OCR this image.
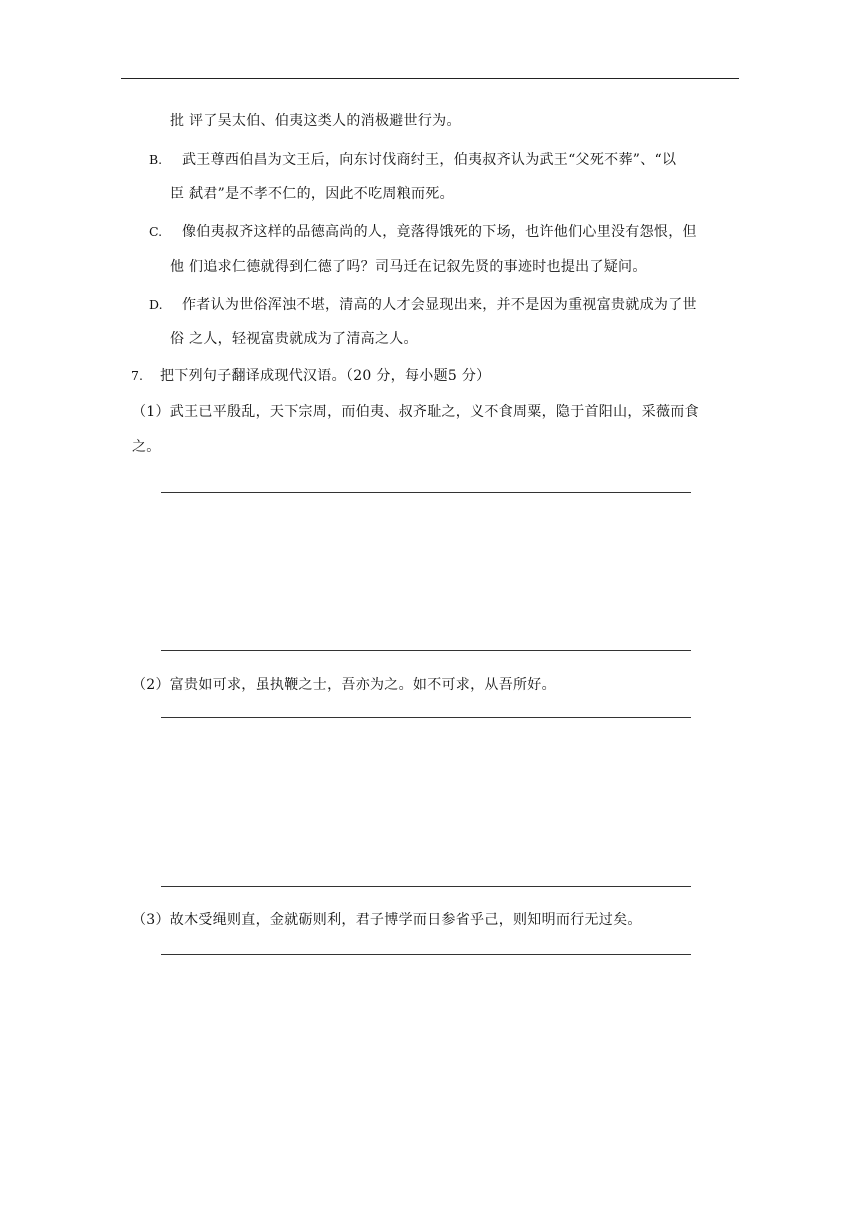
批 评了吴太伯、伯夷这类人的消极避世行为。
B. 武王尊西伯昌为文王后，向东讨伐商纣王，伯夷叔齐认为武王“父死不葬”、“以
臣 弑君”是不孝不仁的，因此不吃周粮而死。
C. 像伯夷叔齐这样的品德高尚的人，竟落得饿死的下场，也许他们心里没有怨恨，但
他 们追求仁德就得到仁德了吗？司马迁在记叙先贤的事迹时也提出了疑问。
D. 作者认为世俗浑浊不堪，清高的人才会显现出来，并不是因为重视富贵就成为了世
俗 之人，轻视富贵就成为了清高之人。
7. 把下列句子翻译成现代汉语。（20 分，每小题5 分）
（1）武王已平殷乱，天下宗周，而伯夷、叔齐耻之，义不食周粟，隐于首阳山，采薇而食
之。
（2）富贵如可求，虽执鞭之士，吾亦为之。如不可求，从吾所好。
（3）故木受绳则直，金就砺则利，君子博学而日参省乎己，则知明而行无过矣。
